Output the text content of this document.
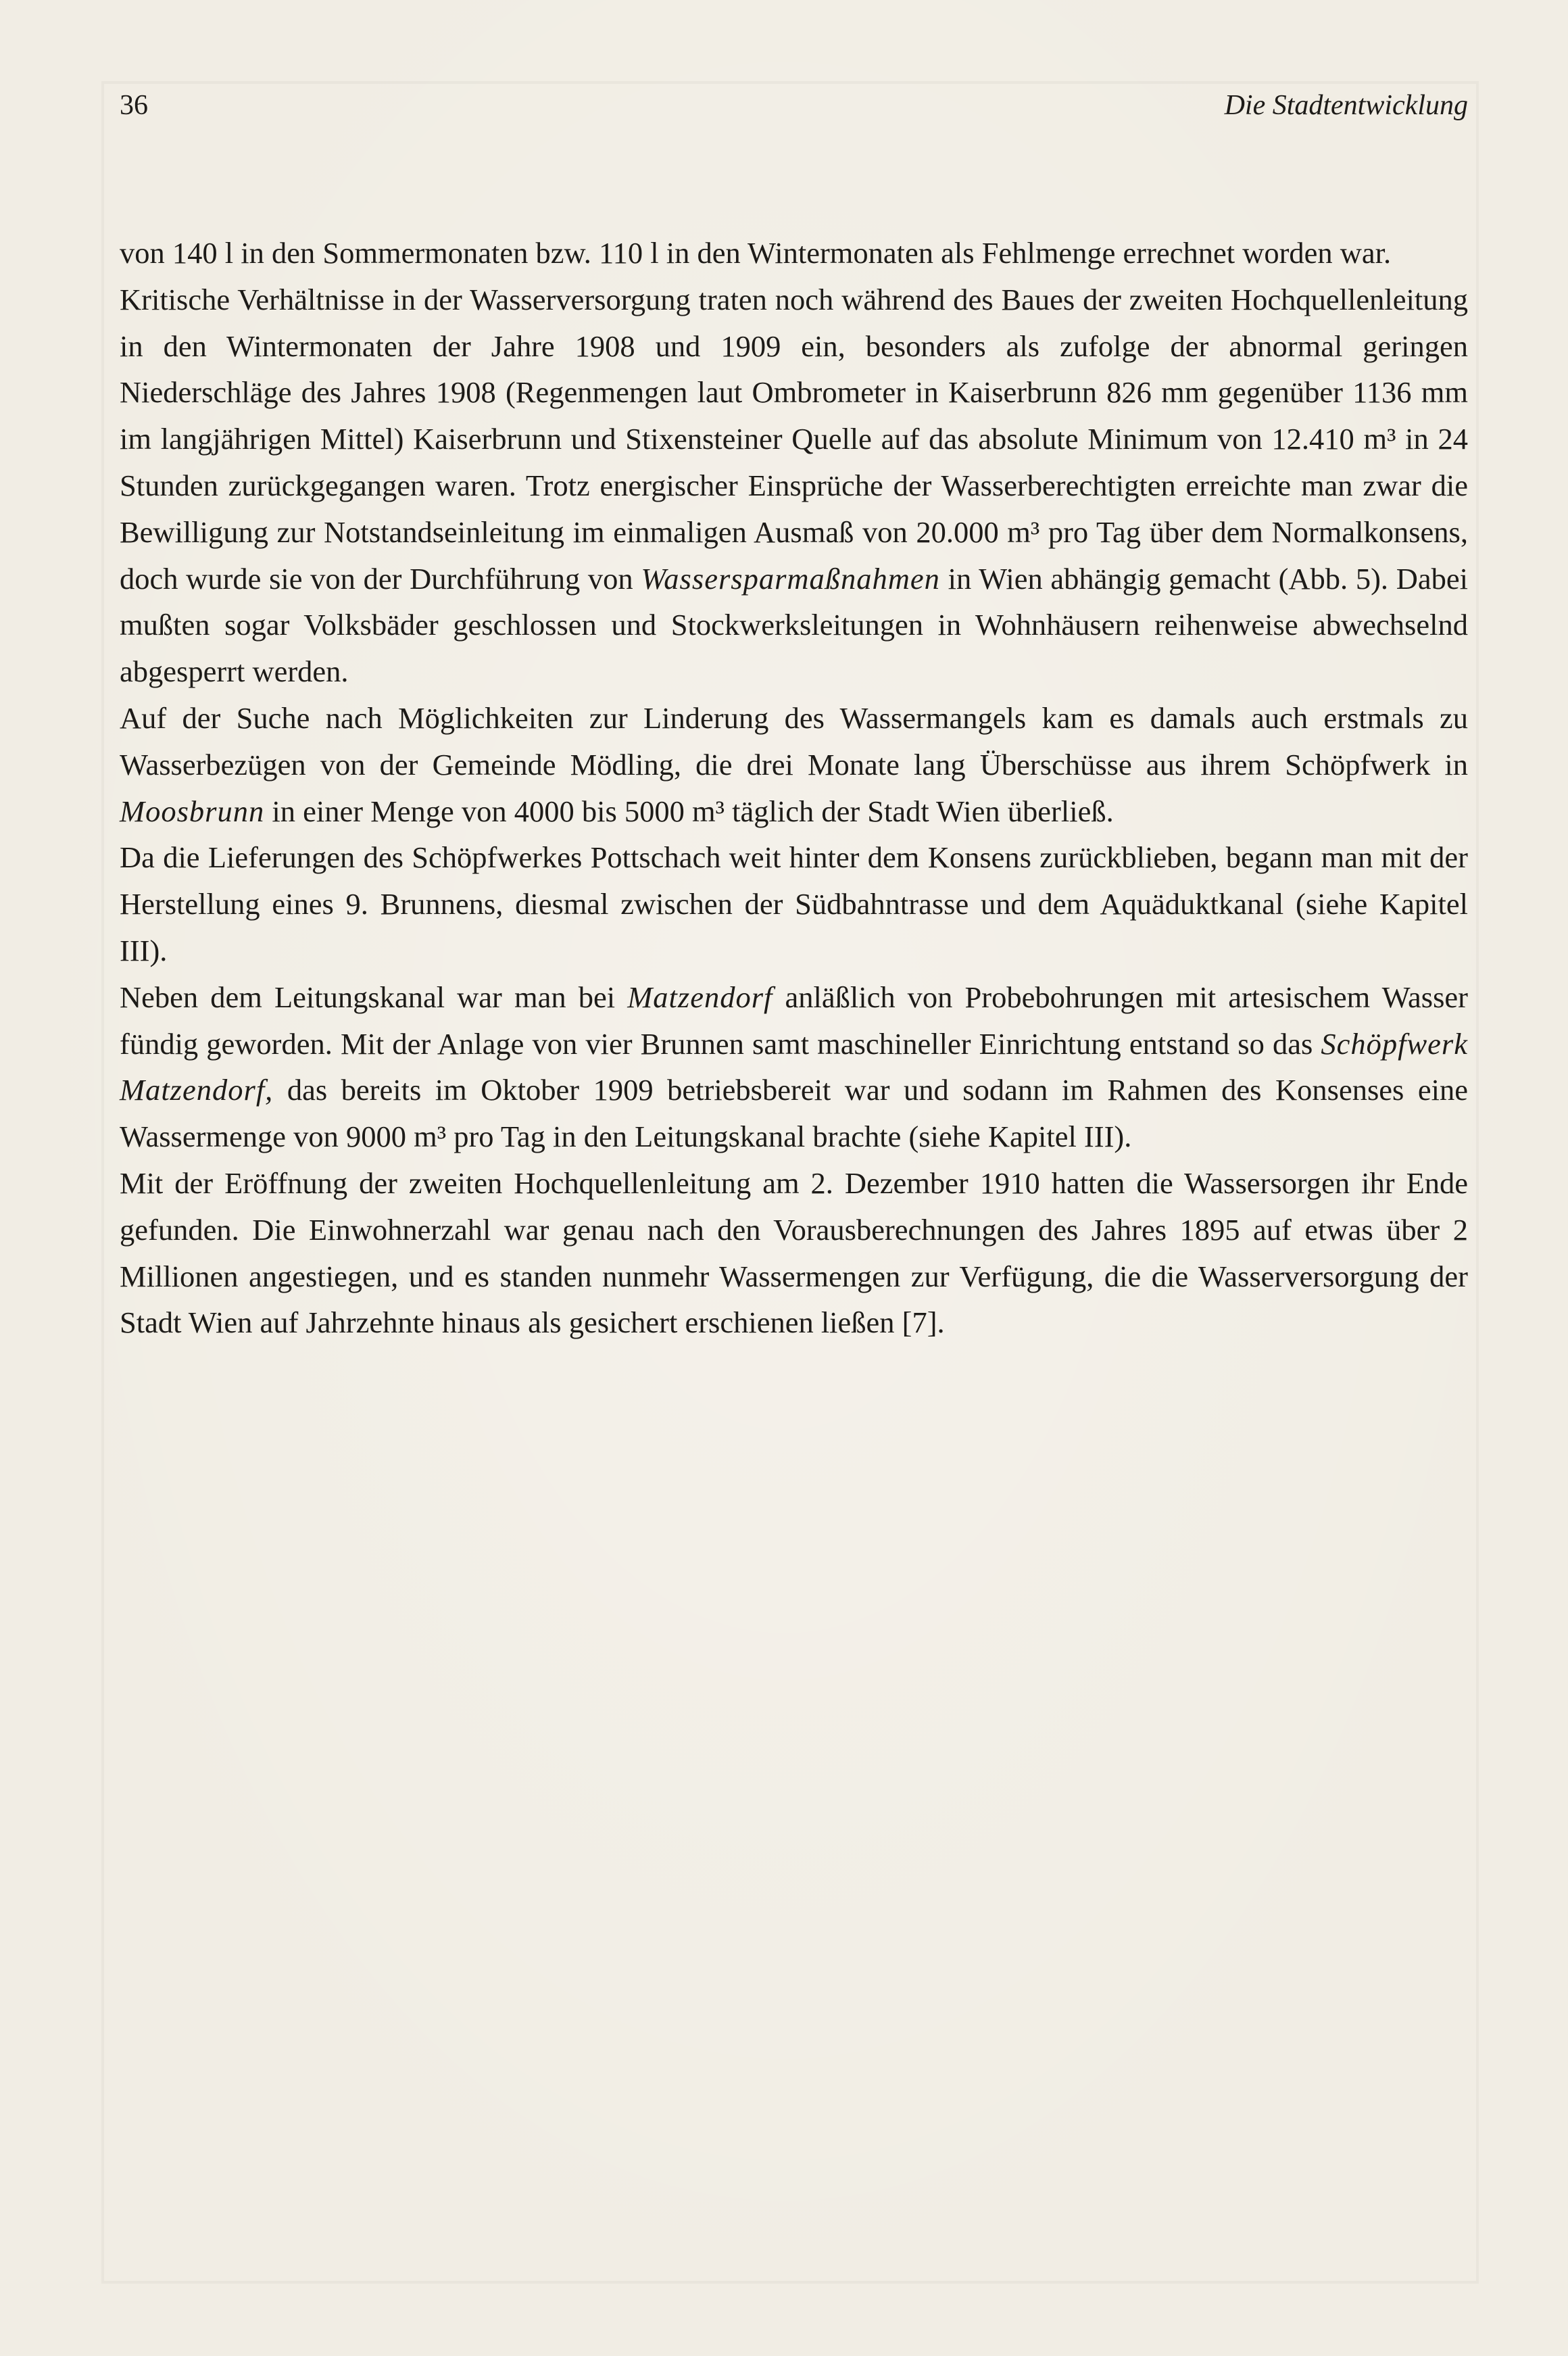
36	Die Stadtentwicklung

von 140 l in den Sommermonaten bzw. 110 l in den Wintermonaten als Fehlmenge errechnet worden war.

Kritische Verhältnisse in der Wasserversorgung traten noch während des Baues der zweiten Hochquellenleitung in den Wintermonaten der Jahre 1908 und 1909 ein, besonders als zufolge der abnormal geringen Niederschläge des Jahres 1908 (Regenmengen laut Ombrometer in Kaiserbrunn 826 mm gegenüber 1136 mm im langjährigen Mittel) Kaiserbrunn und Stixensteiner Quelle auf das absolute Minimum von 12.410 m³ in 24 Stunden zurückgegangen waren. Trotz energischer Einsprüche der Wasserberechtigten erreichte man zwar die Bewilligung zur Notstandseinleitung im einmaligen Ausmaß von 20.000 m³ pro Tag über dem Normalkonsens, doch wurde sie von der Durchführung von Wassersparmaßnahmen in Wien abhängig gemacht (Abb. 5). Dabei mußten sogar Volksbäder geschlossen und Stockwerksleitungen in Wohnhäusern reihenweise abwechselnd abgesperrt werden.

Auf der Suche nach Möglichkeiten zur Linderung des Wassermangels kam es damals auch erstmals zu Wasserbezügen von der Gemeinde Mödling, die drei Monate lang Überschüsse aus ihrem Schöpfwerk in Moosbrunn in einer Menge von 4000 bis 5000 m³ täglich der Stadt Wien überließ.

Da die Lieferungen des Schöpfwerkes Pottschach weit hinter dem Konsens zurückblieben, begann man mit der Herstellung eines 9. Brunnens, diesmal zwischen der Südbahntrasse und dem Aquäduktkanal (siehe Kapitel III).

Neben dem Leitungskanal war man bei Matzendorf anläßlich von Probebohrungen mit artesischem Wasser fündig geworden. Mit der Anlage von vier Brunnen samt maschineller Einrichtung entstand so das Schöpfwerk Matzendorf, das bereits im Oktober 1909 betriebsbereit war und sodann im Rahmen des Konsenses eine Wassermenge von 9000 m³ pro Tag in den Leitungskanal brachte (siehe Kapitel III).

Mit der Eröffnung der zweiten Hochquellenleitung am 2. Dezember 1910 hatten die Wassersorgen ihr Ende gefunden. Die Einwohnerzahl war genau nach den Vorausberechnungen des Jahres 1895 auf etwas über 2 Millionen angestiegen, und es standen nunmehr Wassermengen zur Verfügung, die die Wasserversorgung der Stadt Wien auf Jahrzehnte hinaus als gesichert erschienen ließen [7].
